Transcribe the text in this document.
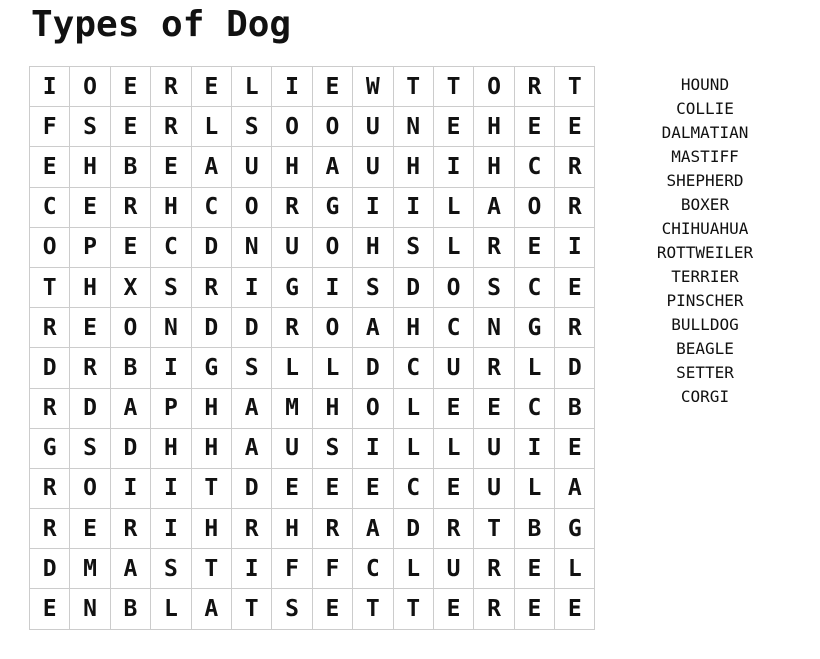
Types of Dog
I	O	E	R	E	L	I	E	W	T	T	O	R	T
F	S	E	R	L	S	O	O	U	N	E	H	E	E
E	H	B	E	A	U	H	A	U	H	I	H	C	R
C	E	R	H	C	O	R	G	I	I	L	A	O	R
O	P	E	C	D	N	U	O	H	S	L	R	E	I
T	H	X	S	R	I	G	I	S	D	O	S	C	E
R	E	O	N	D	D	R	O	A	H	C	N	G	R
D	R	B	I	G	S	L	L	D	C	U	R	L	D
R	D	A	P	H	A	M	H	O	L	E	E	C	B
G	S	D	H	H	A	U	S	I	L	L	U	I	E
R	O	I	I	T	D	E	E	E	C	E	U	L	A
R	E	R	I	H	R	H	R	A	D	R	T	B	G
D	M	A	S	T	I	F	F	C	L	U	R	E	L
E	N	B	L	A	T	S	E	T	T	E	R	E	E
HOUND
COLLIE
DALMATIAN
MASTIFF
SHEPHERD
BOXER
CHIHUAHUA
ROTTWEILER
TERRIER
PINSCHER
BULLDOG
BEAGLE
SETTER
CORGI
